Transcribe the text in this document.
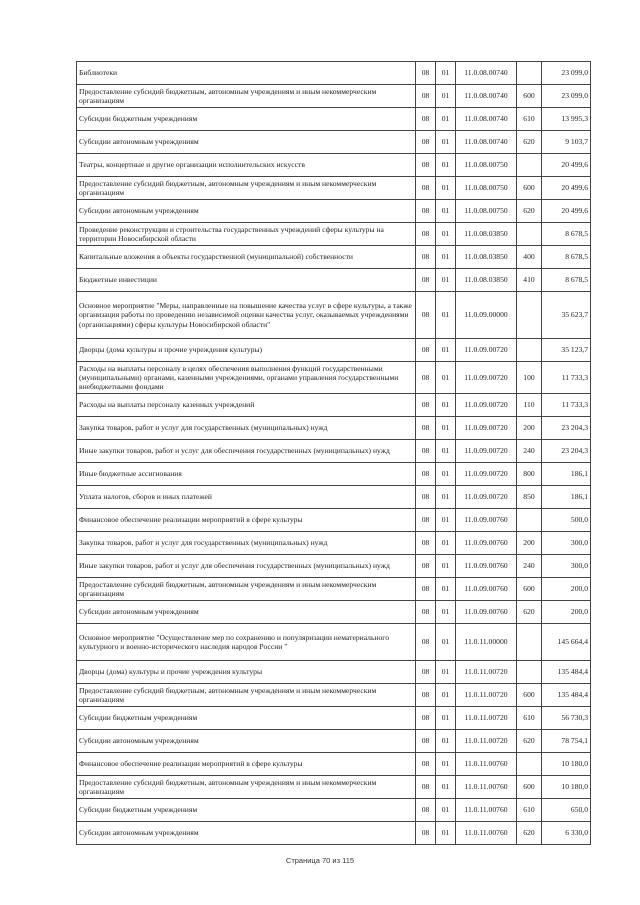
Библиотеки	08	01	11.0.08.00740		23 099,0
Предоставление субсидий бюджетным, автономным учреждениям и иным некоммерческим организациям	08	01	11.0.08.00740	600	23 099,0
Субсидии бюджетным учреждениям	08	01	11.0.08.00740	610	13 995,3
Субсидии автономным учреждениям	08	01	11.0.08.00740	620	9 103,7
Театры, концертные и другие организации исполнительских искусств	08	01	11.0.08.00750		20 499,6
Предоставление субсидий бюджетным, автономным учреждениям и иным некоммерческим организациям	08	01	11.0.08.00750	600	20 499,6
Субсидии автономным учреждениям	08	01	11.0.08.00750	620	20 499,6
Проведение реконструкции и строительства государственных учреждений сферы культуры на территории Новосибирской области	08	01	11.0.08.03850		8 678,5
Капитальные вложения в объекты государственной (муниципальной) собственности	08	01	11.0.08.03850	400	8 678,5
Бюджетные инвестиции	08	01	11.0.08.03850	410	8 678,5
Основное мероприятие "Меры, направленные на повышение качества услуг в сфере культуры, а также организация работы по проведению независимой оценки качества услуг, оказываемых учреждениями (организациями) сферы культуры Новосибирской области"	08	01	11.0.09.00000		35 623,7
Дворцы (дома культуры и прочие учреждения культуры)	08	01	11.0.09.00720		35 123,7
Расходы на выплаты персоналу в целях обеспечения выполнения функций государственными (муниципальными) органами, казенными учреждениями, органами управления государственными внебюджетными фондами	08	01	11.0.09.00720	100	11 733,3
Расходы на выплаты персоналу казенных учреждений	08	01	11.0.09.00720	110	11 733,3
Закупка товаров, работ и услуг для государственных (муниципальных) нужд	08	01	11.0.09.00720	200	23 204,3
Иные закупки товаров, работ и услуг для обеспечения государственных (муниципальных) нужд	08	01	11.0.09.00720	240	23 204,3
Иные бюджетные ассигнования	08	01	11.0.09.00720	800	186,1
Уплата налогов, сборов и иных платежей	08	01	11.0.09.00720	850	186,1
Финансовое обеспечение реализации мероприятий в сфере культуры	08	01	11.0.09.00760		500,0
Закупка товаров, работ и услуг для государственных (муниципальных) нужд	08	01	11.0.09.00760	200	300,0
Иные закупки товаров, работ и услуг для обеспечения государственных (муниципальных) нужд	08	01	11.0.09.00760	240	300,0
Предоставление субсидий бюджетным, автономным учреждениям и иным некоммерческим организациям	08	01	11.0.09.00760	600	200,0
Субсидии автономным учреждениям	08	01	11.0.09.00760	620	200,0
Основное мероприятие "Осуществление мер по сохранению и популяризации нематериального культурного и военно-исторического наследия народов России "	08	01	11.0.11.00000		145 664,4
Дворцы (дома) культуры и прочие учреждения культуры	08	01	11.0.11.00720		135 484,4
Предоставление субсидий бюджетным, автономным учреждениям и иным некоммерческим организациям	08	01	11.0.11.00720	600	135 484,4
Субсидии бюджетным учреждениям	08	01	11.0.11.00720	610	56 730,3
Субсидии автономным учреждениям	08	01	11.0.11.00720	620	78 754,1
Финансовое обеспечение реализации мероприятий в сфере культуры	08	01	11.0.11.00760		10 180,0
Предоставление субсидий бюджетным, автономным учреждениям и иным некоммерческим организациям	08	01	11.0.11.00760	600	10 180,0
Субсидии бюджетным учреждениям	08	01	11.0.11.00760	610	650,0
Субсидии автономным учреждениям	08	01	11.0.11.00760	620	6 330,0
Страница 70 из 115
